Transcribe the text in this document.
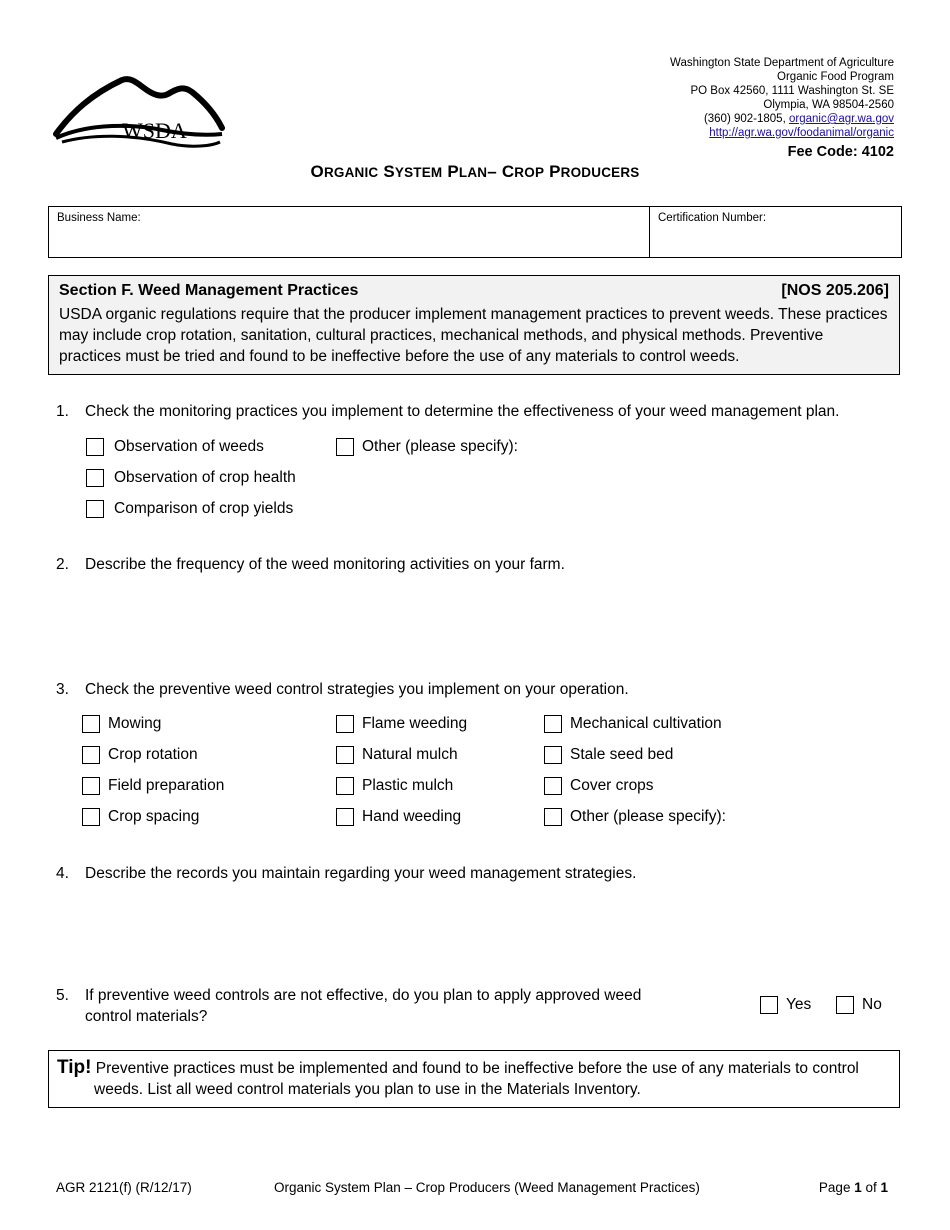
WSDA
Washington State Department of Agriculture
Organic Food Program
PO Box 42560, 1111 Washington St. SE
Olympia, WA 98504-2560
(360) 902-1805, organic@agr.wa.gov
http://agr.wa.gov/foodanimal/organic
Fee Code: 4102
ORGANIC SYSTEM PLAN– CROP PRODUCERS
Business Name:	Certification Number:
Section F. Weed Management Practices	[NOS 205.206]
USDA organic regulations require that the producer implement management practices to prevent weeds. These practices may include crop rotation, sanitation, cultural practices, mechanical methods, and physical methods. Preventive practices must be tried and found to be ineffective before the use of any materials to control weeds.
1.	Check the monitoring practices you implement to determine the effectiveness of your weed management plan.
Observation of weeds
Observation of crop health
Comparison of crop yields
Other (please specify):
2.	Describe the frequency of the weed monitoring activities on your farm.
3.	Check the preventive weed control strategies you implement on your operation.
Mowing
Crop rotation
Field preparation
Crop spacing
Flame weeding
Natural mulch
Plastic mulch
Hand weeding
Mechanical cultivation
Stale seed bed
Cover crops
Other (please specify):
4.	Describe the records you maintain regarding your weed management strategies.
5.	If preventive weed controls are not effective, do you plan to apply approved weed control materials?
Yes	No
Tip! Preventive practices must be implemented and found to be ineffective before the use of any materials to control
weeds. List all weed control materials you plan to use in the Materials Inventory.
AGR 2121(f) (R/12/17)	Organic System Plan – Crop Producers (Weed Management Practices)	Page 1 of 1
